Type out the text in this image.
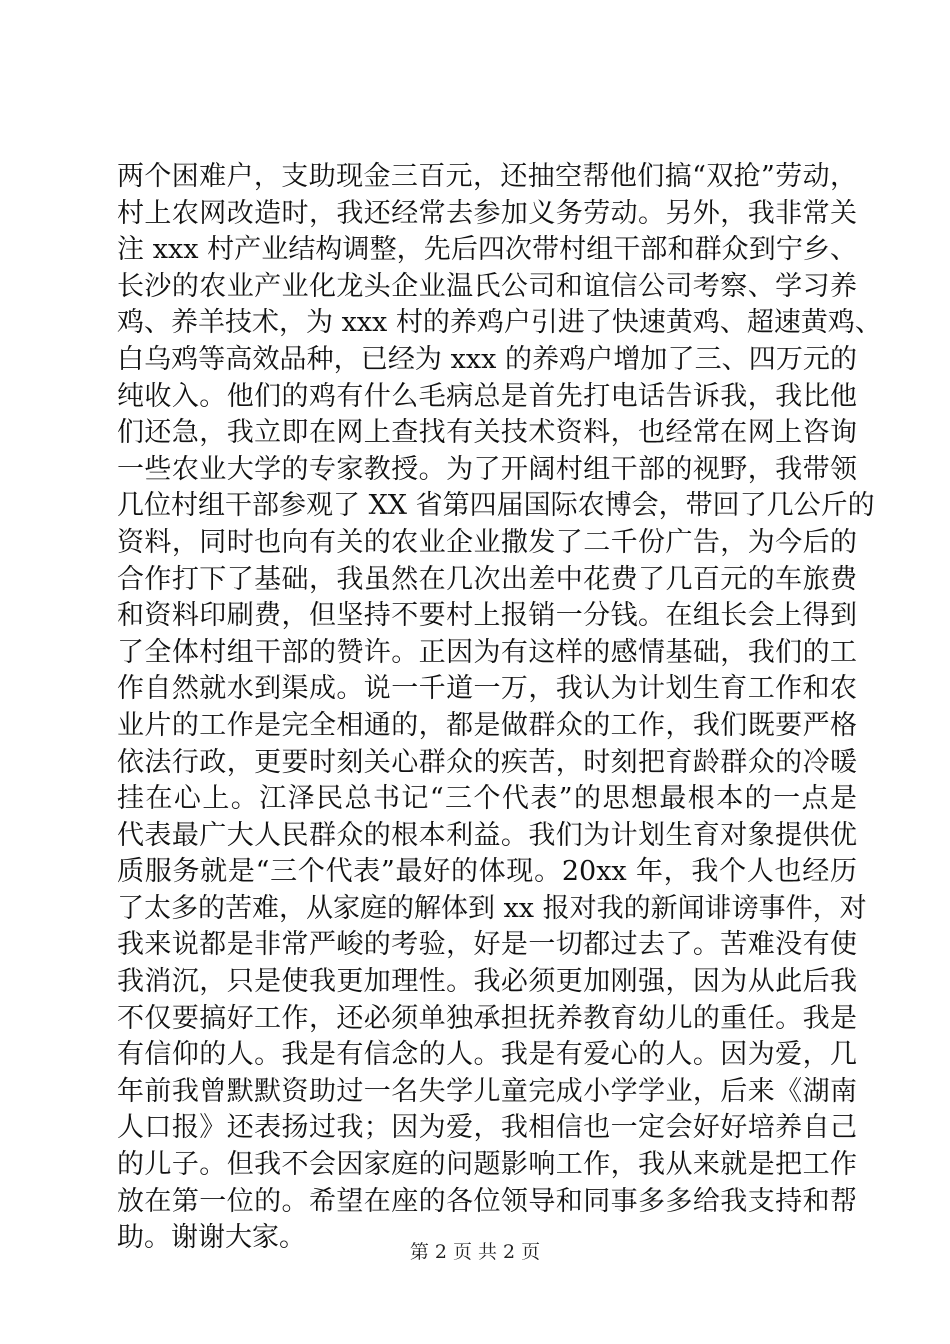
两个困难户，支助现金三百元，还抽空帮他们搞“双抢”劳动，
村上农网改造时，我还经常去参加义务劳动。另外，我非常关
注 xxx 村产业结构调整，先后四次带村组干部和群众到宁乡、
长沙的农业产业化龙头企业温氏公司和谊信公司考察、学习养
鸡、养羊技术，为 xxx 村的养鸡户引进了快速黄鸡、超速黄鸡、
白乌鸡等高效品种，已经为 xxx 的养鸡户增加了三、四万元的
纯收入。他们的鸡有什么毛病总是首先打电话告诉我，我比他
们还急，我立即在网上查找有关技术资料，也经常在网上咨询
一些农业大学的专家教授。为了开阔村组干部的视野，我带领
几位村组干部参观了 XX 省第四届国际农博会，带回了几公斤的
资料，同时也向有关的农业企业撒发了二千份广告，为今后的
合作打下了基础，我虽然在几次出差中花费了几百元的车旅费
和资料印刷费，但坚持不要村上报销一分钱。在组长会上得到
了全体村组干部的赞许。正因为有这样的感情基础，我们的工
作自然就水到渠成。说一千道一万，我认为计划生育工作和农
业片的工作是完全相通的，都是做群众的工作，我们既要严格
依法行政，更要时刻关心群众的疾苦，时刻把育龄群众的冷暖
挂在心上。江泽民总书记“三个代表”的思想最根本的一点是
代表最广大人民群众的根本利益。我们为计划生育对象提供优
质服务就是“三个代表”最好的体现。20xx 年，我个人也经历
了太多的苦难，从家庭的解体到 xx 报对我的新闻诽谤事件，对
我来说都是非常严峻的考验，好是一切都过去了。苦难没有使
我消沉，只是使我更加理性。我必须更加刚强，因为从此后我
不仅要搞好工作，还必须单独承担抚养教育幼儿的重任。我是
有信仰的人。我是有信念的人。我是有爱心的人。因为爱，几
年前我曾默默资助过一名失学儿童完成小学学业，后来《湖南
人口报》还表扬过我；因为爱，我相信也一定会好好培养自己
的儿子。但我不会因家庭的问题影响工作，我从来就是把工作
放在第一位的。希望在座的各位领导和同事多多给我支持和帮
助。谢谢大家。	第 2 页 共 2 页
